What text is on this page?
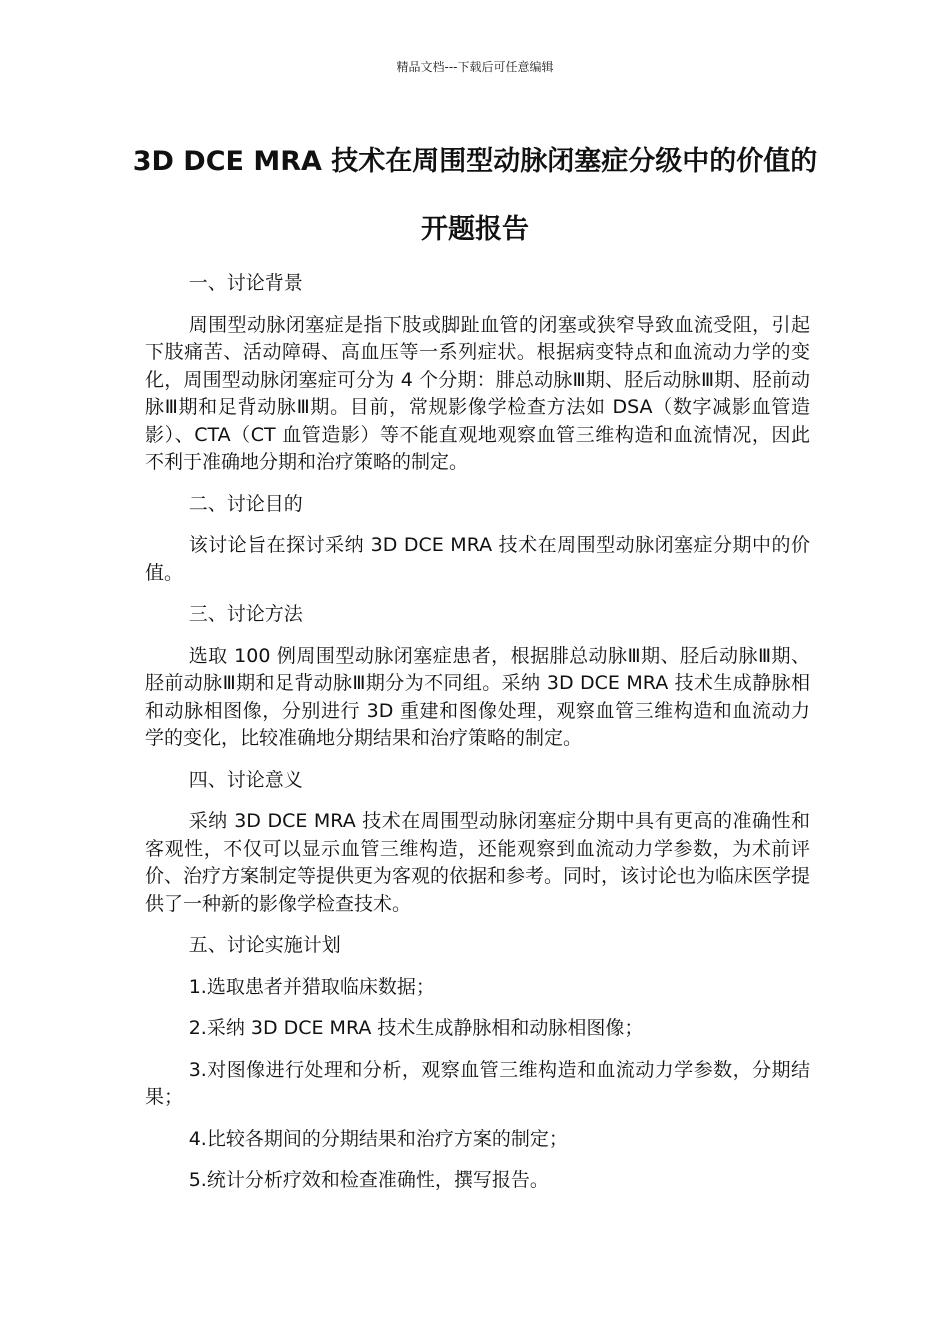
精品文档---下载后可任意编辑
3D DCE MRA 技术在周围型动脉闭塞症分级中的价值的开题报告

一、讨论背景

周围型动脉闭塞症是指下肢或脚趾血管的闭塞或狭窄导致血流受阻，引起下肢痛苦、活动障碍、高血压等一系列症状。根据病变特点和血流动力学的变化，周围型动脉闭塞症可分为 4 个分期：腓总动脉Ⅲ期、胫后动脉Ⅲ期、胫前动脉Ⅲ期和足背动脉Ⅲ期。目前，常规影像学检查方法如 DSA（数字减影血管造影）、CTA（CT 血管造影）等不能直观地观察血管三维构造和血流情况，因此不利于准确地分期和治疗策略的制定。

二、讨论目的

该讨论旨在探讨采纳 3D DCE MRA 技术在周围型动脉闭塞症分期中的价值。

三、讨论方法

选取 100 例周围型动脉闭塞症患者，根据腓总动脉Ⅲ期、胫后动脉Ⅲ期、胫前动脉Ⅲ期和足背动脉Ⅲ期分为不同组。采纳 3D DCE MRA 技术生成静脉相和动脉相图像，分别进行 3D 重建和图像处理，观察血管三维构造和血流动力学的变化，比较准确地分期结果和治疗策略的制定。

四、讨论意义

采纳 3D DCE MRA 技术在周围型动脉闭塞症分期中具有更高的准确性和客观性，不仅可以显示血管三维构造，还能观察到血流动力学参数，为术前评价、治疗方案制定等提供更为客观的依据和参考。同时，该讨论也为临床医学提供了一种新的影像学检查技术。

五、讨论实施计划

1.选取患者并猎取临床数据；

2.采纳 3D DCE MRA 技术生成静脉相和动脉相图像；

3.对图像进行处理和分析，观察血管三维构造和血流动力学参数，分期结果；

4.比较各期间的分期结果和治疗方案的制定；

5.统计分析疗效和检查准确性，撰写报告。
